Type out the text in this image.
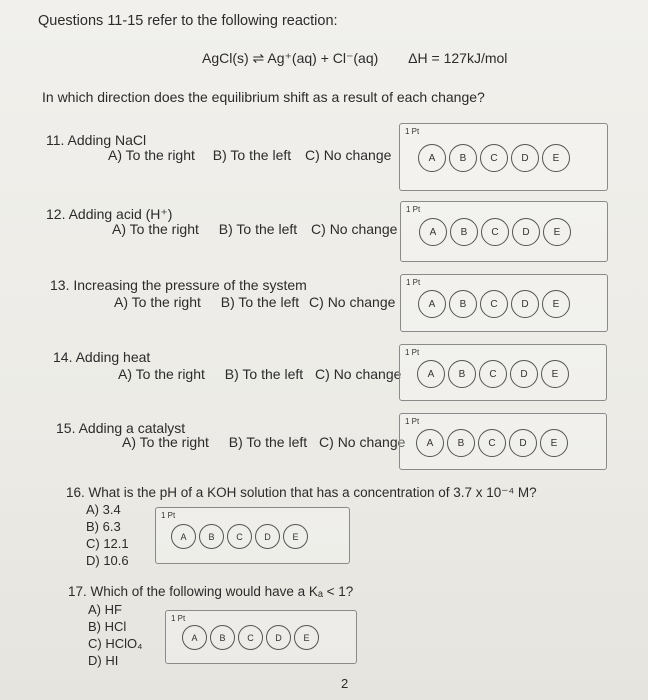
Questions 11-15 refer to the following reaction:
AgCl(s) ⇌ Ag⁺(aq) + Cl⁻(aq) ΔH = 127kJ/mol
In which direction does the equilibrium shift as a result of each change?
11. Adding NaCl
A) To the right B) To the left C) No change
1 Pt
A	B	C	D	E
12. Adding acid (H⁺)
A) To the right B) To the left C) No change
1 Pt
A	B	C	D	E
13. Increasing the pressure of the system
A) To the right B) To the left C) No change
1 Pt
A	B	C	D	E
14. Adding heat
A) To the right B) To the left C) No change
1 Pt
A	B	C	D	E
15. Adding a catalyst
A) To the right B) To the left C) No change
1 Pt
A	B	C	D	E
16. What is the pH of a KOH solution that has a concentration of 3.7 x 10⁻⁴ M?
A) 3.4
B) 6.3
C) 12.1
D) 10.6
1 Pt
A	B	C	D	E
17. Which of the following would have a Kₐ < 1?
A) HF
B) HCl
C) HClO₄
D) HI
1 Pt
A	B	C	D	E
2
